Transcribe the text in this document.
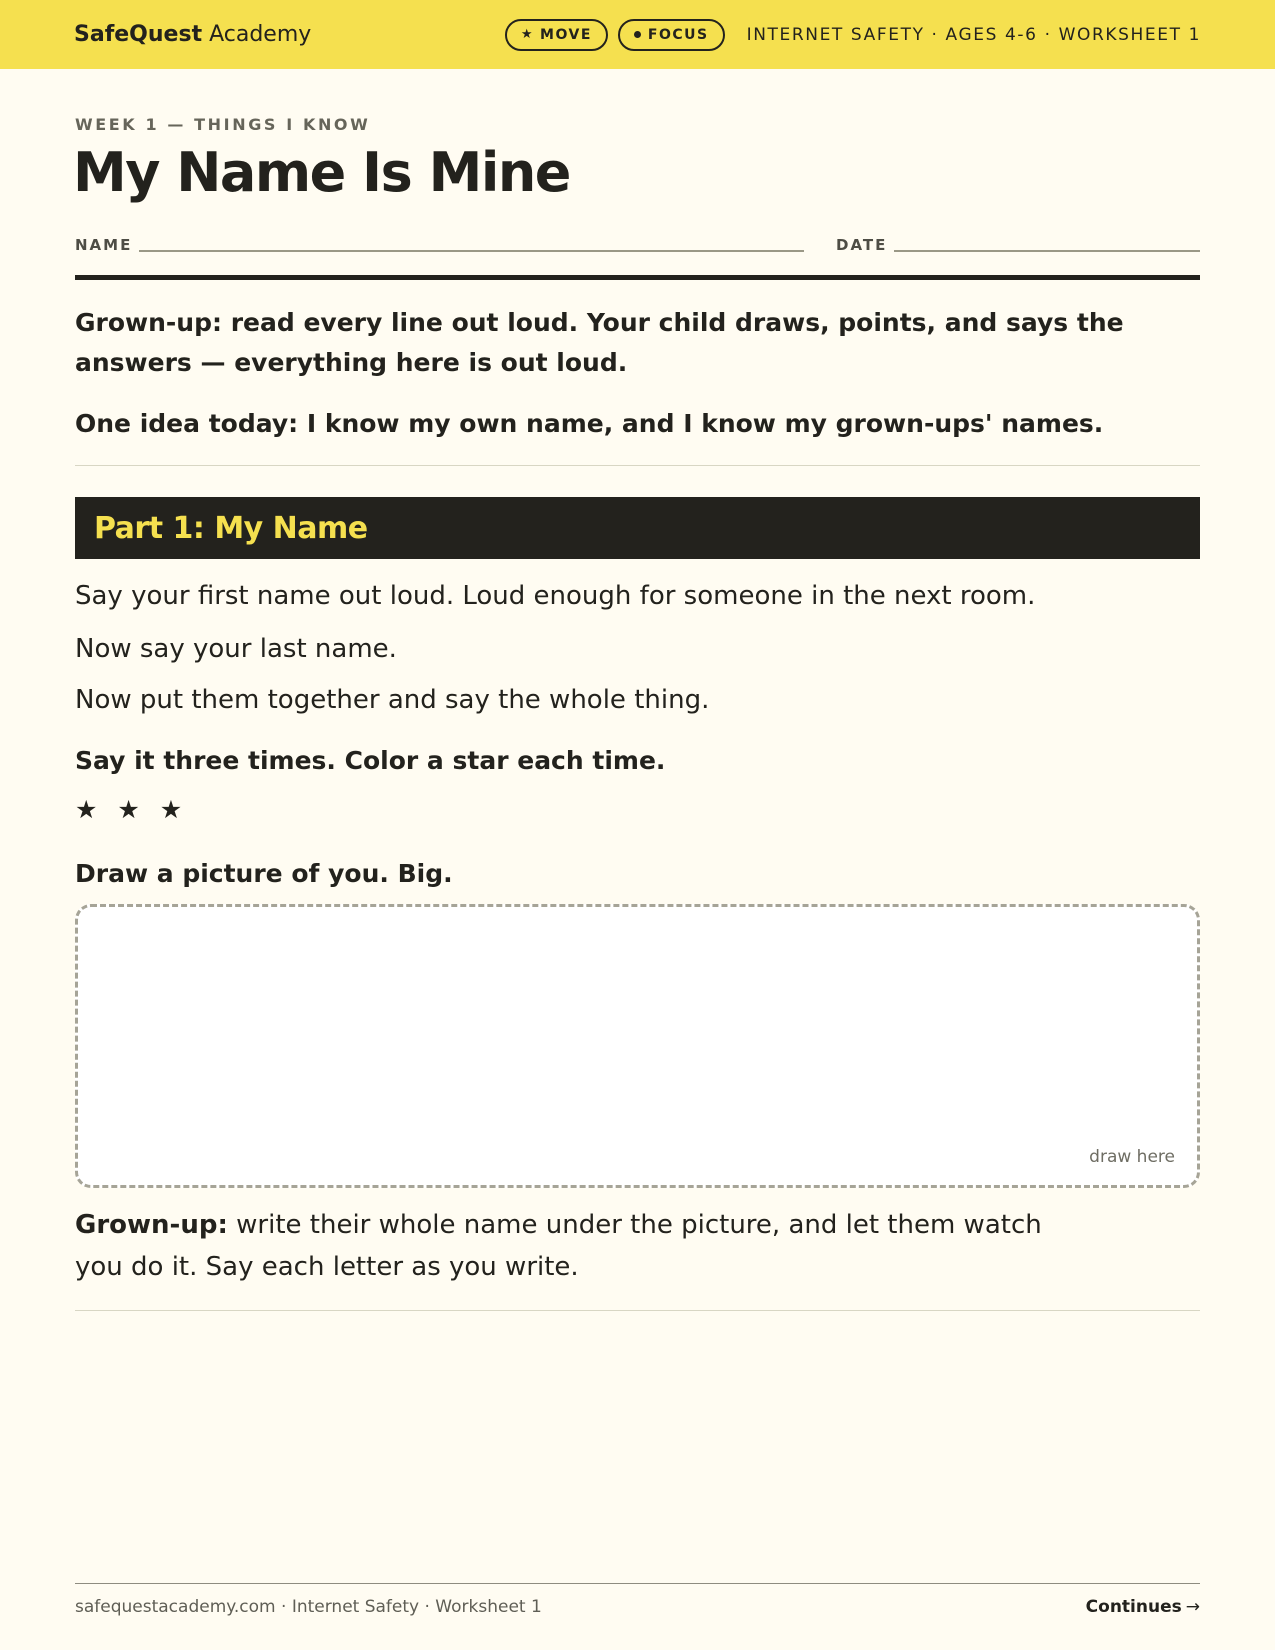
SafeQuest Academy	★ MOVE	FOCUS INTERNET SAFETY · AGES 4-6 · WORKSHEET 1
WEEK 1 — THINGS I KNOW
My Name Is Mine
NAME	DATE

Grown-up: read every line out loud. Your child draws, points, and says the answers — everything here is out loud.

One idea today: I know my own name, and I know my grown-ups' names.

Part 1: My Name

Say your first name out loud. Loud enough for someone in the next room.

Now say your last name.

Now put them together and say the whole thing.

Say it three times. Color a star each time.

★ ★ ★

Draw a picture of you. Big.

draw here

Grown-up: write their whole name under the picture, and let them watch you do it. Say each letter as you write.

safequestacademy.com · Internet Safety · Worksheet 1	Continues →
